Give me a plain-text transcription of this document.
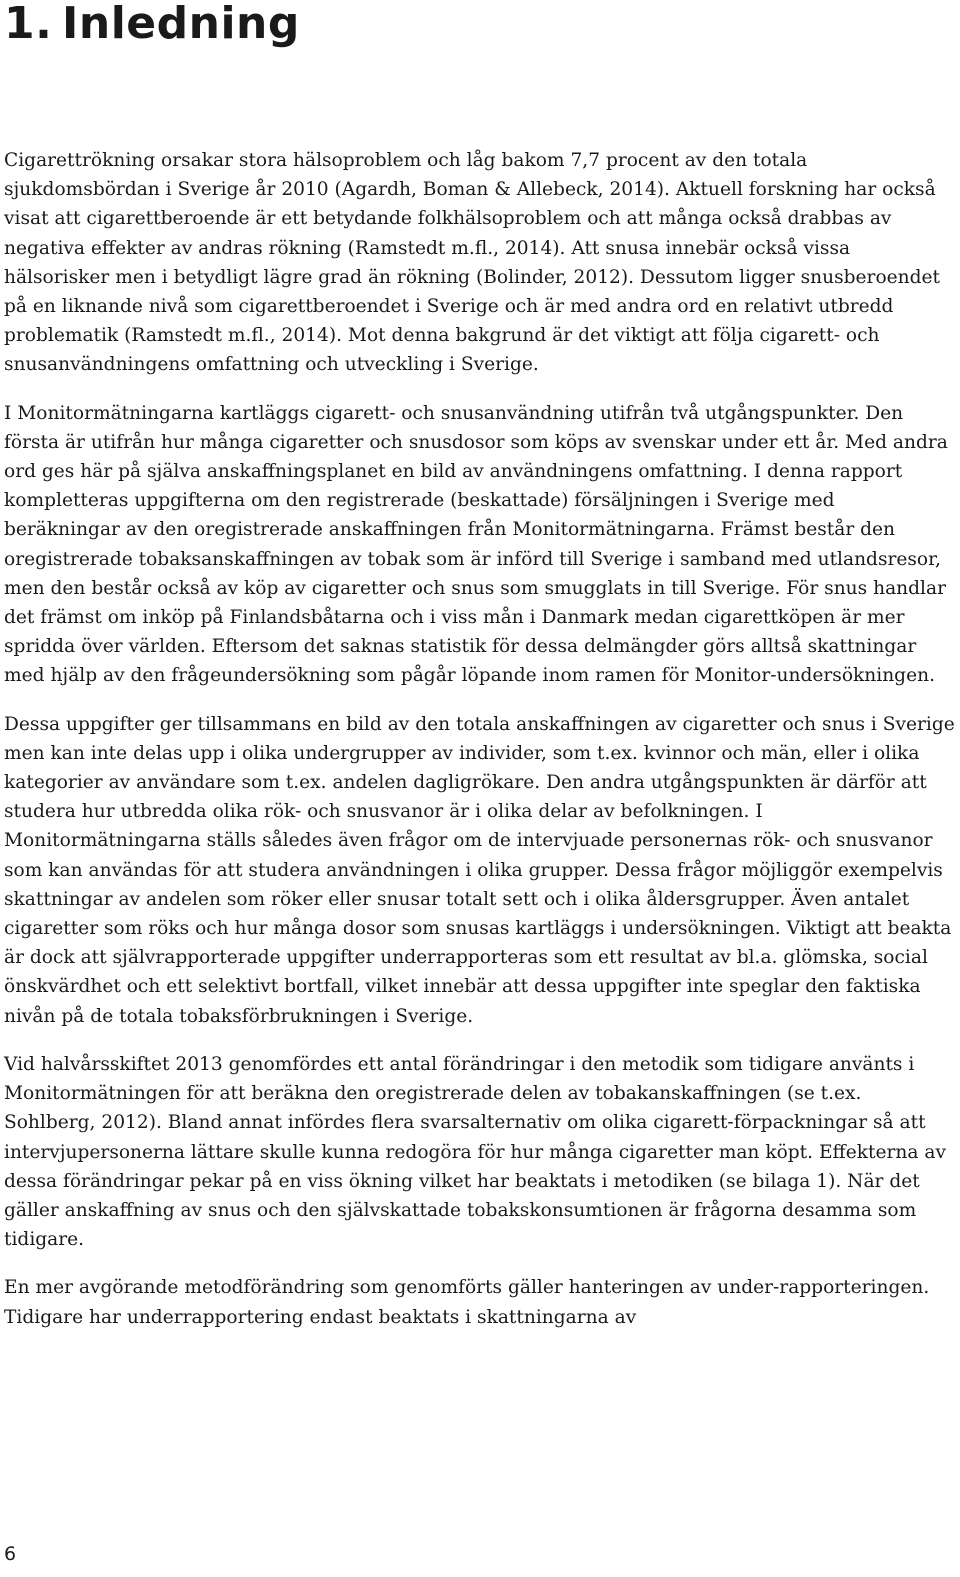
1. Inledning

Cigarettrökning orsakar stora hälsoproblem och låg bakom 7,7 procent av den totala sjukdomsbördan i Sverige år 2010 (Agardh, Boman & Allebeck, 2014). Aktuell forskning har också visat att cigarettberoende är ett betydande folkhälsoproblem och att många också drabbas av negativa effekter av andras rökning (Ramstedt m.fl., 2014). Att snusa innebär också vissa hälsorisker men i betydligt lägre grad än rökning (Bolinder, 2012). Dessutom ligger snusberoendet på en liknande nivå som cigarettberoendet i Sverige och är med andra ord en relativt utbredd problematik (Ramstedt m.fl., 2014). Mot denna bakgrund är det viktigt att följa cigarett- och snusanvändningens omfattning och utveckling i Sverige.

I Monitormätningarna kartläggs cigarett- och snusanvändning utifrån två utgångspunkter. Den första är utifrån hur många cigaretter och snusdosor som köps av svenskar under ett år. Med andra ord ges här på själva anskaffningsplanet en bild av användningens omfattning. I denna rapport kompletteras uppgifterna om den registrerade (beskattade) försäljningen i Sverige med beräkningar av den oregistrerade anskaffningen från Monitormätningarna. Främst består den oregistrerade tobaksanskaffningen av tobak som är införd till Sverige i samband med utlandsresor, men den består också av köp av cigaretter och snus som smugglats in till Sverige. För snus handlar det främst om inköp på Finlandsbåtarna och i viss mån i Danmark medan cigarettköpen är mer spridda över världen. Eftersom det saknas statistik för dessa delmängder görs alltså skattningar med hjälp av den frågeundersökning som pågår löpande inom ramen för Monitor-undersökningen.

Dessa uppgifter ger tillsammans en bild av den totala anskaffningen av cigaretter och snus i Sverige men kan inte delas upp i olika undergrupper av individer, som t.ex. kvinnor och män, eller i olika kategorier av användare som t.ex. andelen dagligrökare. Den andra utgångspunkten är därför att studera hur utbredda olika rök- och snusvanor är i olika delar av befolkningen. I Monitormätningarna ställs således även frågor om de intervjuade personernas rök- och snusvanor som kan användas för att studera användningen i olika grupper. Dessa frågor möjliggör exempelvis skattningar av andelen som röker eller snusar totalt sett och i olika åldersgrupper. Även antalet cigaretter som röks och hur många dosor som snusas kartläggs i undersökningen. Viktigt att beakta är dock att självrapporterade uppgifter underrapporteras som ett resultat av bl.a. glömska, social önskvärdhet och ett selektivt bortfall, vilket innebär att dessa uppgifter inte speglar den faktiska nivån på de totala tobaksförbrukningen i Sverige.

Vid halvårsskiftet 2013 genomfördes ett antal förändringar i den metodik som tidigare använts i Monitormätningen för att beräkna den oregistrerade delen av tobakanskaffningen (se t.ex. Sohlberg, 2012). Bland annat infördes flera svarsalternativ om olika cigarett-förpackningar så att intervjupersonerna lättare skulle kunna redogöra för hur många cigaretter man köpt. Effekterna av dessa förändringar pekar på en viss ökning vilket har beaktats i metodiken (se bilaga 1). När det gäller anskaffning av snus och den självskattade tobakskonsumtionen är frågorna desamma som tidigare.

En mer avgörande metodförändring som genomförts gäller hanteringen av under-rapporteringen. Tidigare har underrapportering endast beaktats i skattningarna av

6
